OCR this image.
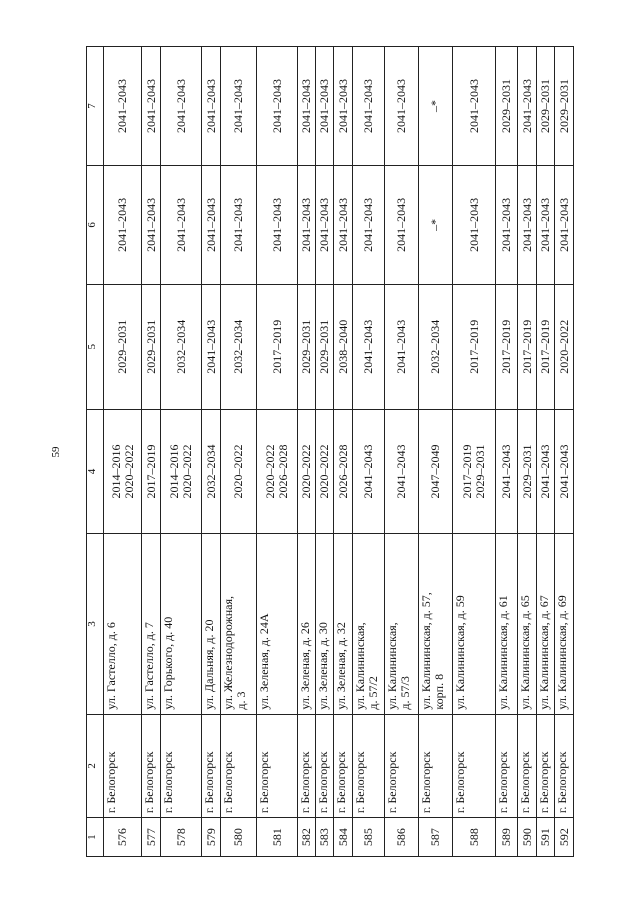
59
1	2	3	4	5	6	7
576	г. Белогорск	ул. Гастелло, д. 6	2014–2016
2020–2022	2029–2031	2041–2043	2041–2043
577	г. Белогорск	ул. Гастелло, д. 7	2017–2019	2029–2031	2041–2043	2041–2043
578	г. Белогорск	ул. Горького, д. 40	2014–2016
2020–2022	2032–2034	2041–2043	2041–2043
579	г. Белогорск	ул. Дальняя, д. 20	2032–2034	2041–2043	2041–2043	2041–2043
580	г. Белогорск	ул. Железнодорожная,
д. 3	2020–2022	2032–2034	2041–2043	2041–2043
581	г. Белогорск	ул. Зеленая, д. 24А	2020–2022
2026–2028	2017–2019	2041–2043	2041–2043
582	г. Белогорск	ул. Зеленая, д. 26	2020–2022	2029–2031	2041–2043	2041–2043
583	г. Белогорск	ул. Зеленая, д. 30	2020–2022	2029–2031	2041–2043	2041–2043
584	г. Белогорск	ул. Зеленая, д. 32	2026–2028	2038–2040	2041–2043	2041–2043
585	г. Белогорск	ул. Калининская,
д. 57/2	2041–2043	2041–2043	2041–2043	2041–2043
586	г. Белогорск	ул. Калининская,
д. 57/3	2041–2043	2041–2043	2041–2043	2041–2043
587	г. Белогорск	ул. Калининская, д. 57,
корп. 8	2047–2049	2032–2034	–*	–*
588	г. Белогорск	ул. Калининская, д. 59	2017–2019
2029–2031	2017–2019	2041–2043	2041–2043
589	г. Белогорск	ул. Калининская, д. 61	2041–2043	2017–2019	2041–2043	2029–2031
590	г. Белогорск	ул. Калининская, д. 65	2029–2031	2017–2019	2041–2043	2041–2043
591	г. Белогорск	ул. Калининская, д. 67	2041–2043	2017–2019	2041–2043	2029–2031
592	г. Белогорск	ул. Калининская, д. 69	2041–2043	2020–2022	2041–2043	2029–2031
